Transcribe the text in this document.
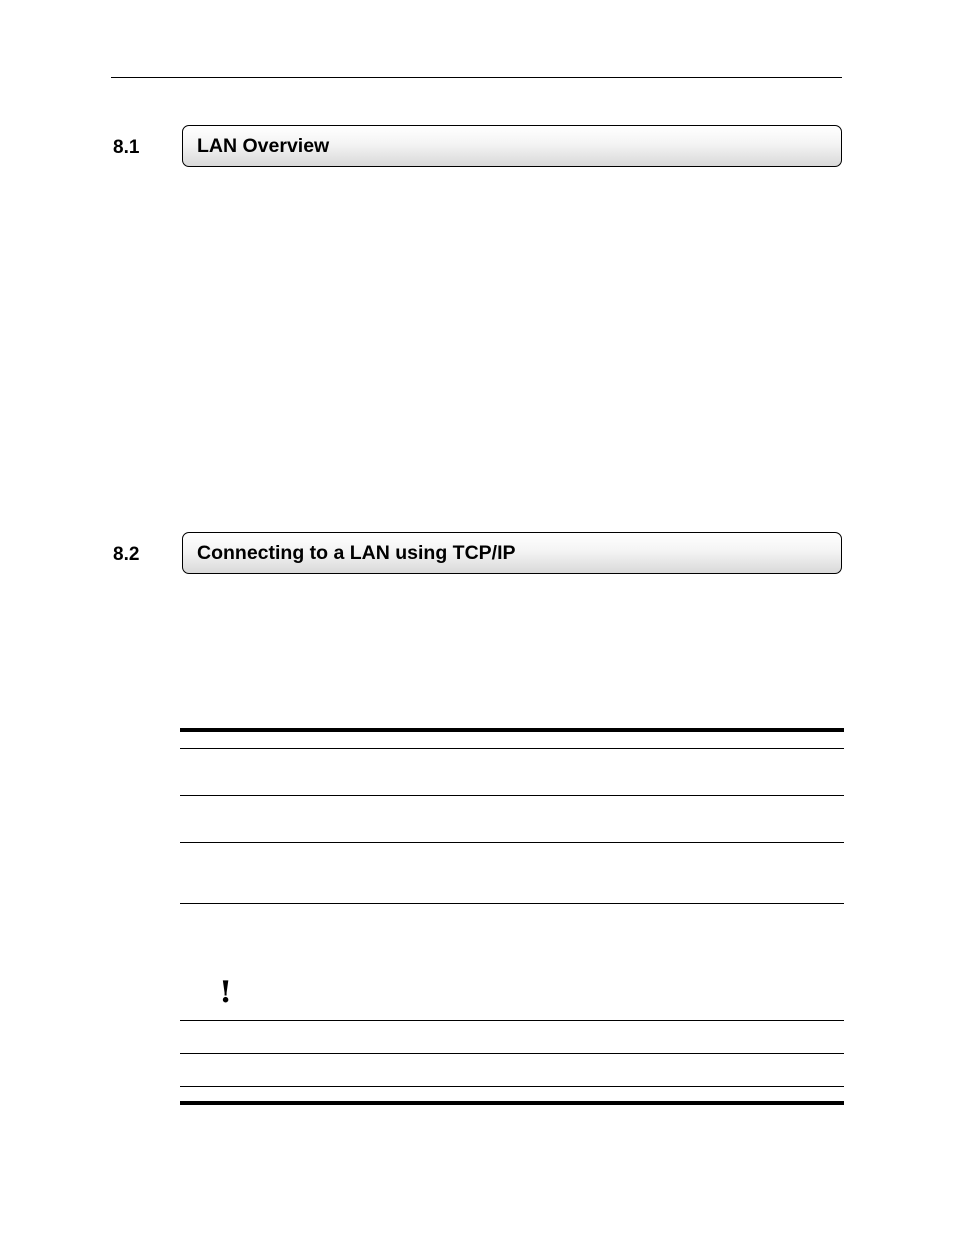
8.1	LAN Overview
8.2	Connecting to a LAN using TCP/IP
!
